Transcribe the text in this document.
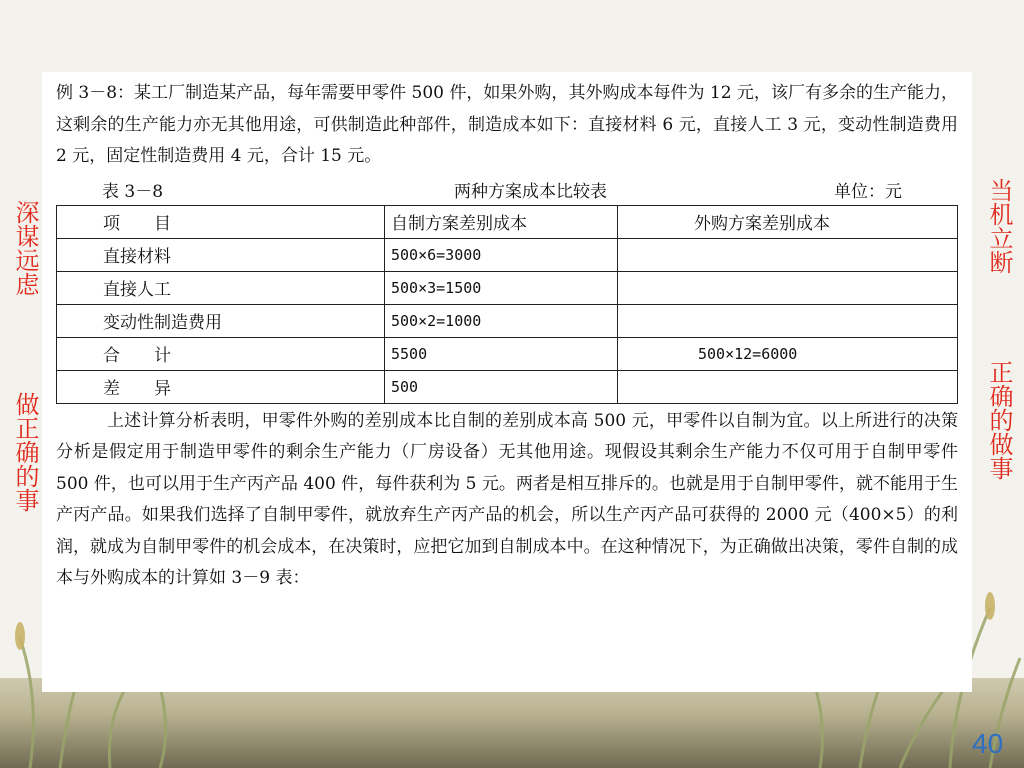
例 3－8：某工厂制造某产品，每年需要甲零件 500 件，如果外购，其外购成本每件为 12 元，该厂有多余的生产能力，这剩余的生产能力亦无其他用途，可供制造此种部件，制造成本如下：直接材料 6 元，直接人工 3 元，变动性制造费用 2 元，固定性制造费用 4 元，合计 15 元。

表 3－8	两种方案成本比较表	单位：元
项　　目	自制方案差别成本	外购方案差别成本
直接材料	500×6=3000	
直接人工	500×3=1500	
变动性制造费用	500×2=1000	
合　　计	5500	500×12=6000
差　　异	500	

上述计算分析表明，甲零件外购的差别成本比自制的差别成本高 500 元，甲零件以自制为宜。以上所进行的决策分析是假定用于制造甲零件的剩余生产能力（厂房设备）无其他用途。现假设其剩余生产能力不仅可用于自制甲零件 500 件，也可以用于生产丙产品 400 件，每件获利为 5 元。两者是相互排斥的。也就是用于自制甲零件，就不能用于生产丙产品。如果我们选择了自制甲零件，就放弃生产丙产品的机会，所以生产丙产品可获得的 2000 元（400×5）的利润，就成为自制甲零件的机会成本，在决策时，应把它加到自制成本中。在这种情况下，为正确做出决策，零件自制的成本与外购成本的计算如 3－9 表：

深谋远虑
做正确的事
当机立断
正确的做事
40
